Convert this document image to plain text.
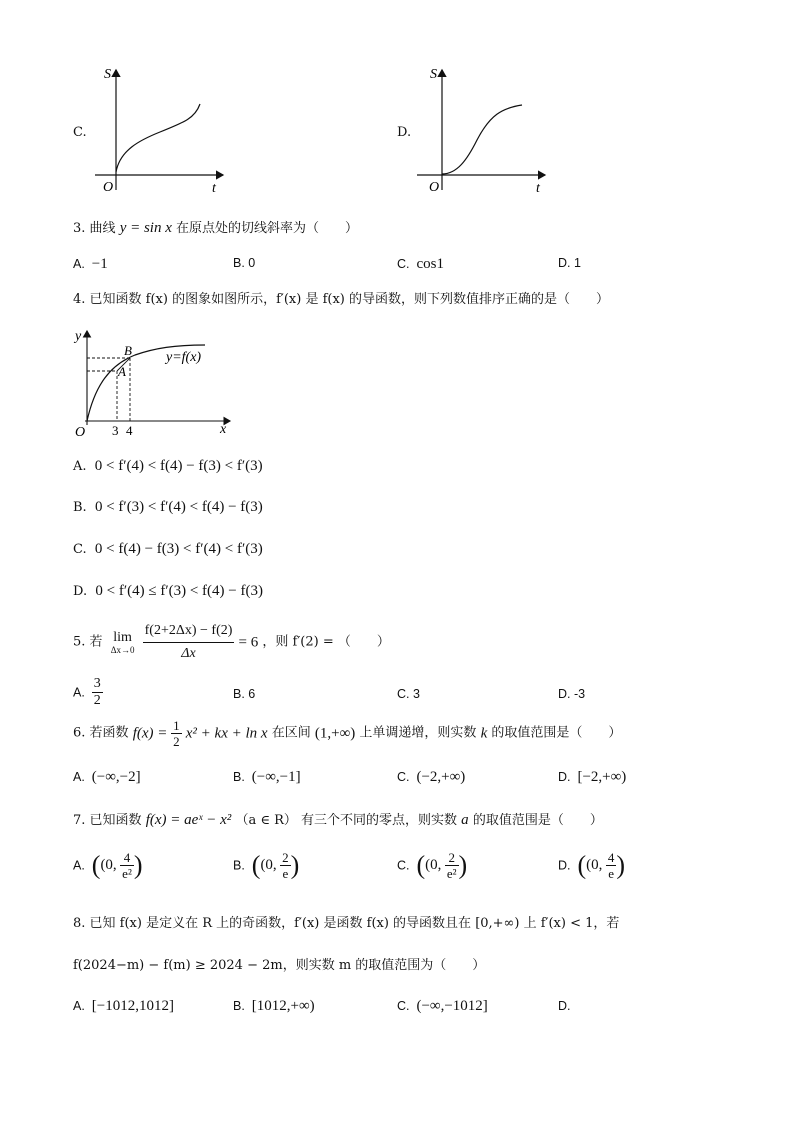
C.
S
t
O
D.
S
t
O
3. 曲线 y = sin x 在原点处的切线斜率为（　　）
A. −1	B. 0	C. cos1	D. 1
4. 已知函数 f(x) 的图象如图所示，f′(x) 是 f(x) 的导函数，则下列数值排序正确的是（　　）
y
x
O 3 4
A
B y=f(x)
A. 0 < f′(4) < f(4) − f(3) < f′(3)
B. 0 < f′(3) < f′(4) < f(4) − f(3)
C. 0 < f(4) − f(3) < f′(4) < f′(3)
D. 0 < f′(4) ≤ f′(3) < f(4) − f(3)
5. 若 lim
Δx→0
$\frac{f(2+2\Delta x) - f(2)}{\Delta x} = 6$ ，则 f′(2) = （　　）
A. $\frac{3}{2}$	B. 6	C. 3	D. -3
6. 若函数 $f(x) = \frac{1}{2} x^2$ + kx + ln x 在区间 (1,+∞) 上单调递增，则实数 k 的取值范围是（　　）
A. (−∞,−2]	B. (−∞,−1]	C. (−2,+∞)	D. [−2,+∞)
7. 已知函数 f(x) = aeˣ − x² （a ∈ R） 有三个不同的零点，则实数 a 的取值范围是（　　）
A. ((0, $\frac{4}{\text{e²}}$ )	B. ((0, $\frac{2}{e}$ )	C. ((0, $\frac{2}{\text{e²}}$ )	D. ((0, $\frac{4}{e}$ )
8. 已知 f(x) 是定义在 R 上的奇函数，f′(x) 是函数 f(x) 的导函数且在 [0,+∞) 上 f′(x) < 1，若
f(2024−m) − f(m) ≥ 2024 − 2m，则实数 m 的取值范围为（　　）
A. [−1012,1012]	B. [1012,+∞)	C. (−∞,−1012]	D.
